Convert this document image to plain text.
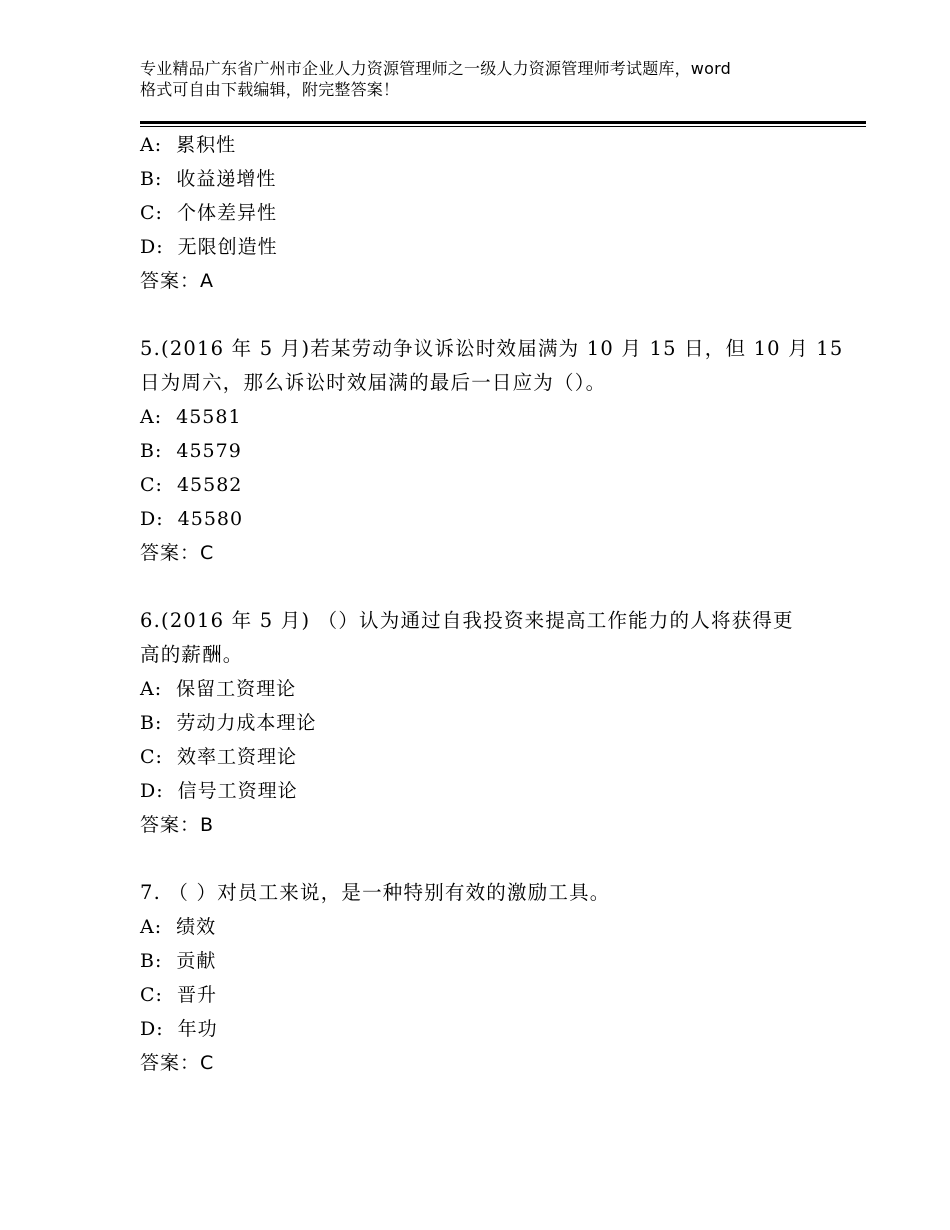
专业精品广东省广州市企业人力资源管理师之一级人力资源管理师考试题库，word
格式可自由下载编辑，附完整答案！
A: 累积性
B: 收益递增性
C: 个体差异性
D: 无限创造性
答案：A
5.(2016 年 5 月)若某劳动争议诉讼时效届满为 10 月 15 日，但 10 月 15
日为周六，那么诉讼时效届满的最后一日应为（）。
A: 45581
B: 45579
C: 45582
D: 45580
答案：C
6.(2016 年 5 月) （）认为通过自我投资来提高工作能力的人将获得更
高的薪酬。
A: 保留工资理论
B: 劳动力成本理论
C: 效率工资理论
D: 信号工资理论
答案：B
7. （ ）对员工来说，是一种特别有效的激励工具。
A: 绩效
B: 贡献
C: 晋升
D: 年功
答案：C
